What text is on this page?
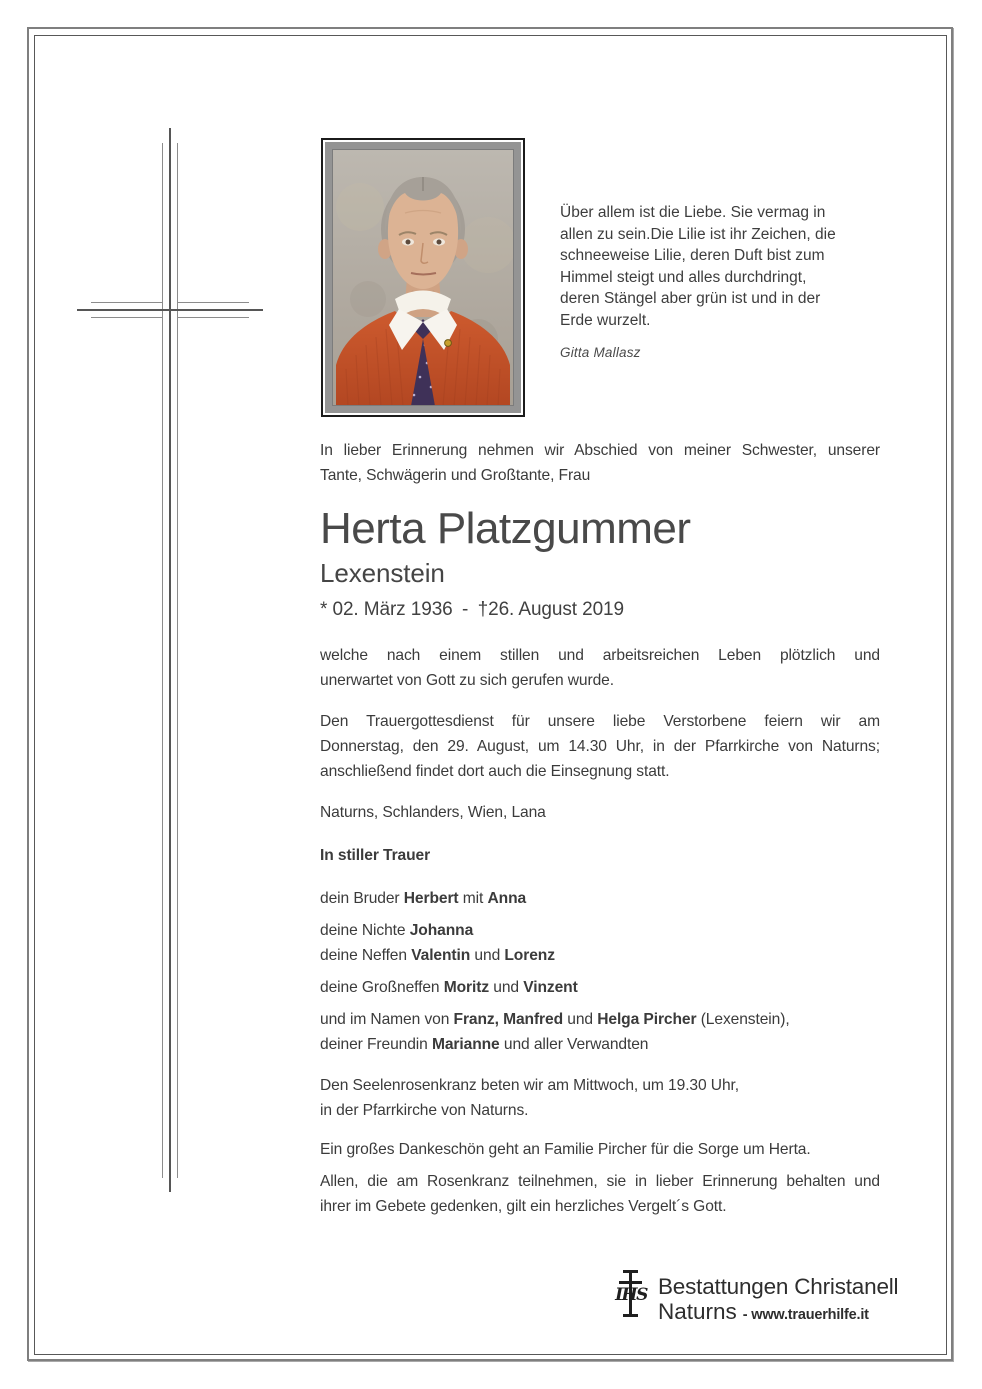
Über allem ist die Liebe. Sie vermag in
allen zu sein.Die Lilie ist ihr Zeichen, die
schneeweise Lilie, deren Duft bist zum
Himmel steigt und alles durchdringt,
deren Stängel aber grün ist und in der
Erde wurzelt.
Gitta Mallasz

In lieber Erinnerung nehmen wir Abschied von meiner Schwester, unserer
Tante, Schwägerin und Großtante, Frau

Herta Platzgummer
Lexenstein
* 02. März 1936 - †26. August 2019

welche nach einem stillen und arbeitsreichen Leben plötzlich und
unerwartet von Gott zu sich gerufen wurde.

Den Trauergottesdienst für unsere liebe Verstorbene feiern wir am
Donnerstag, den 29. August, um 14.30 Uhr, in der Pfarrkirche von Naturns;
anschließend findet dort auch die Einsegnung statt.

Naturns, Schlanders, Wien, Lana

In stiller Trauer

dein Bruder Herbert mit Anna

deine Nichte Johanna
deine Neffen Valentin und Lorenz

deine Großneffen Moritz und Vinzent

und im Namen von Franz, Manfred und Helga Pircher (Lexenstein),
deiner Freundin Marianne und aller Verwandten

Den Seelenrosenkranz beten wir am Mittwoch, um 19.30 Uhr,
in der Pfarrkirche von Naturns.

Ein großes Dankeschön geht an Familie Pircher für die Sorge um Herta.

Allen, die am Rosenkranz teilnehmen, sie in lieber Erinnerung behalten und
ihrer im Gebete gedenken, gilt ein herzliches Vergelt´s Gott.

IHS Bestattungen Christanell
Naturns - www.trauerhilfe.it
